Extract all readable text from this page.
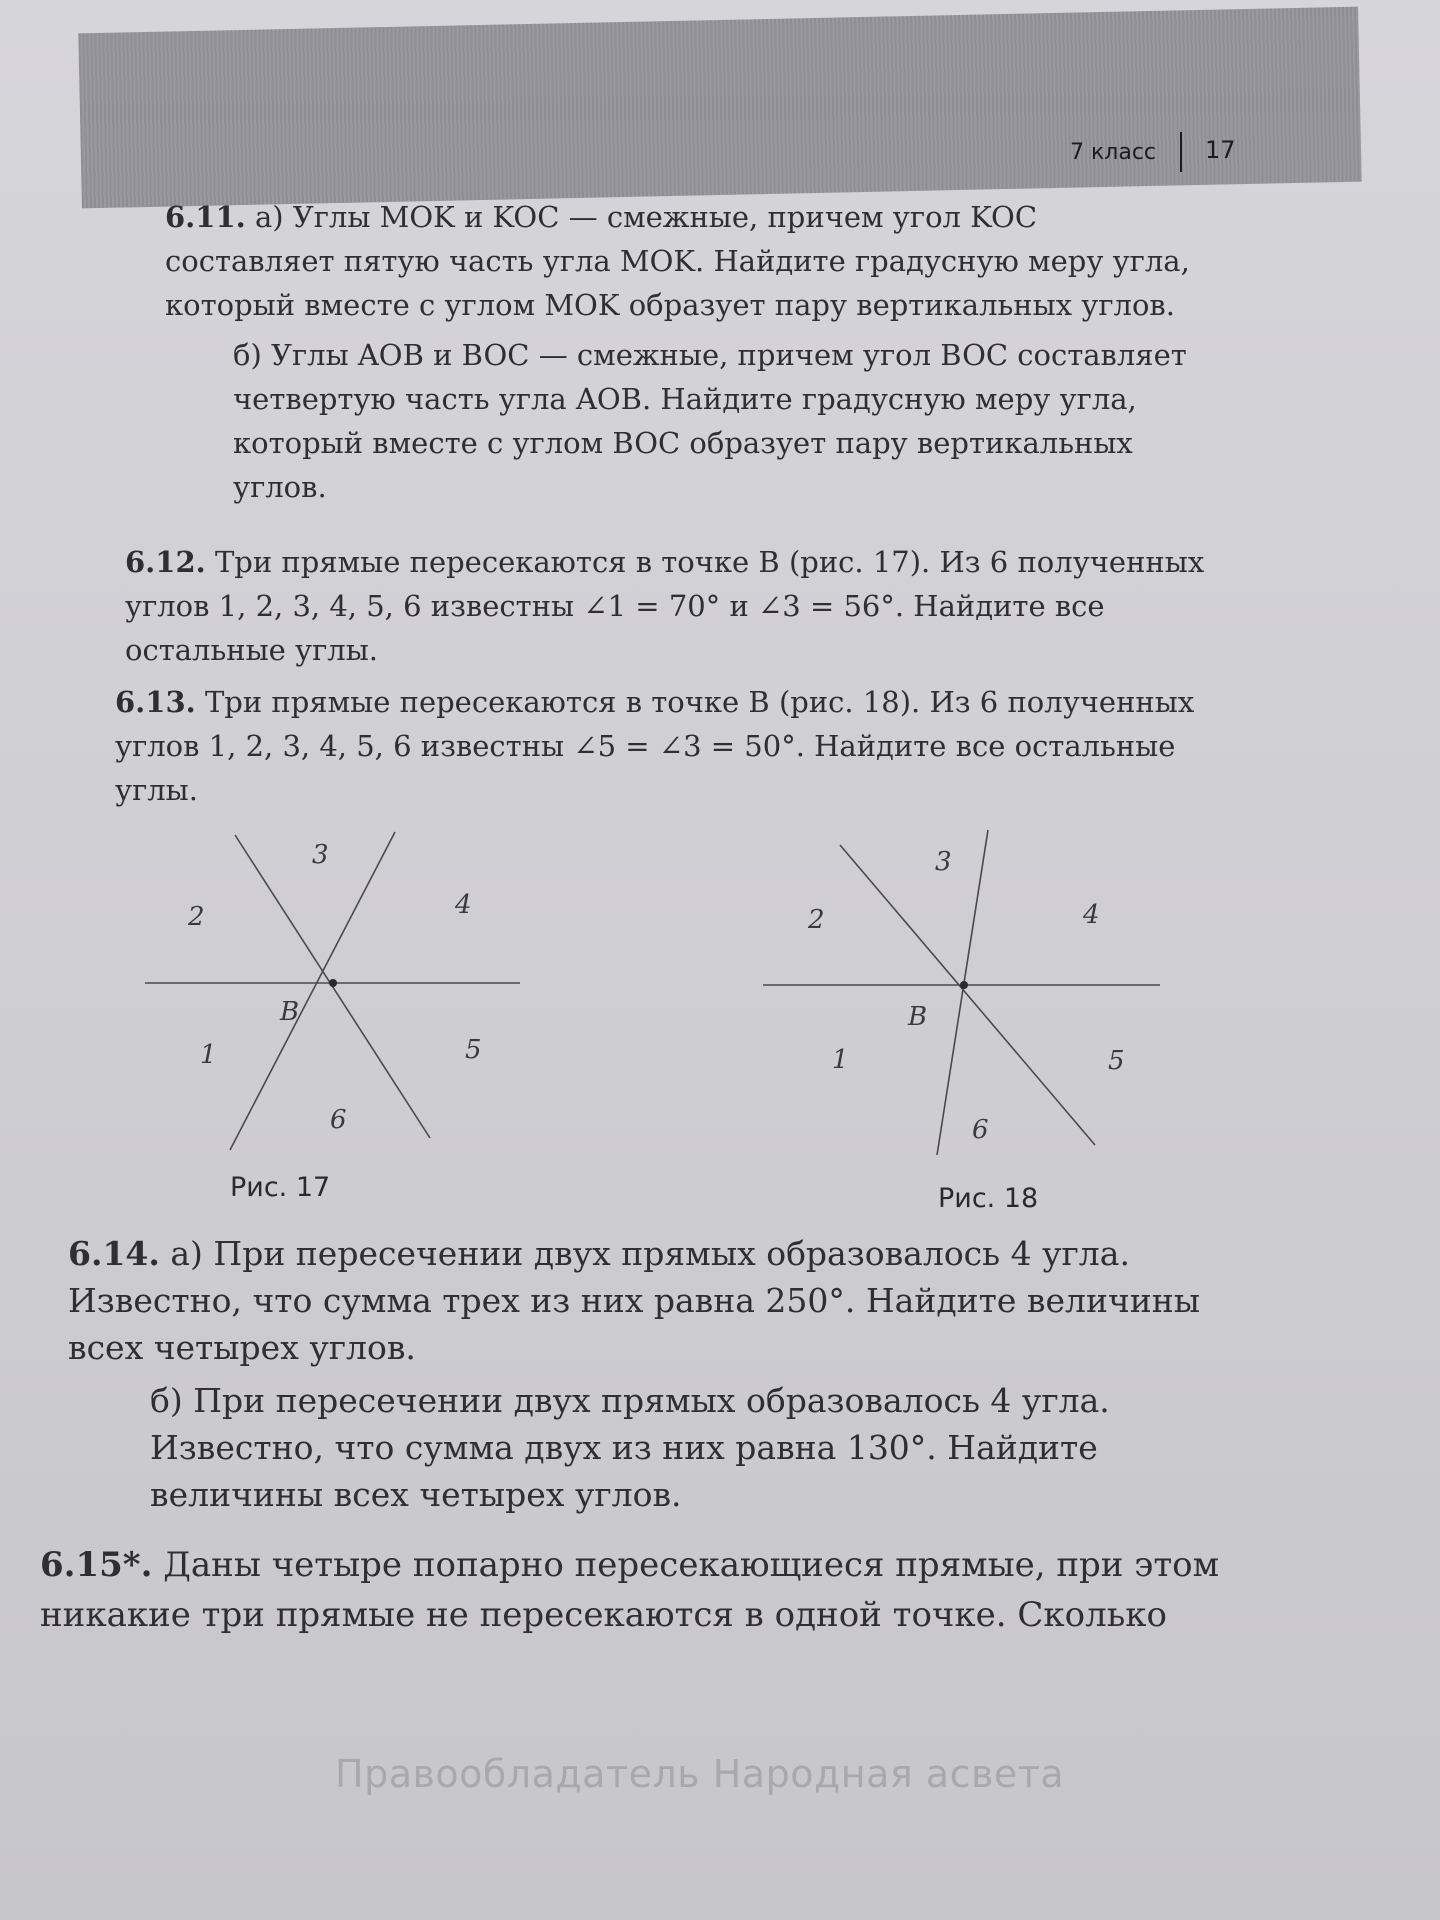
7 класс 17

6.11. а) Углы MOK и KOC — смежные, причем угол KOC составляет пятую часть угла MOK. Найдите градусную меру угла, который вместе с углом MOK образует пару вертикальных углов.

б) Углы AOB и BOC — смежные, причем угол BOC составляет четвертую часть угла AOB. Найдите градусную меру угла, который вместе с углом BOC образует пару вертикальных углов.

6.12. Три прямые пересекаются в точке B (рис. 17). Из 6 полученных углов 1, 2, 3, 4, 5, 6 известны ∠1 = 70° и ∠3 = 56°. Найдите все остальные углы.

6.13. Три прямые пересекаются в точке B (рис. 18). Из 6 полученных углов 1, 2, 3, 4, 5, 6 известны ∠5 = ∠3 = 50°. Найдите все остальные углы.

B
1
2
3
4
5
6
Рис. 17
B
1
2
3
4
5
6
Рис. 18

6.14. а) При пересечении двух прямых образовалось 4 угла. Известно, что сумма трех из них равна 250°. Найдите величины всех четырех углов.

б) При пересечении двух прямых образовалось 4 угла. Известно, что сумма двух из них равна 130°. Найдите величины всех четырех углов.

6.15*. Даны четыре попарно пересекающиеся прямые, при этом никакие три прямые не пересекаются в одной точке. Сколько

Правообладатель Народная асвета
